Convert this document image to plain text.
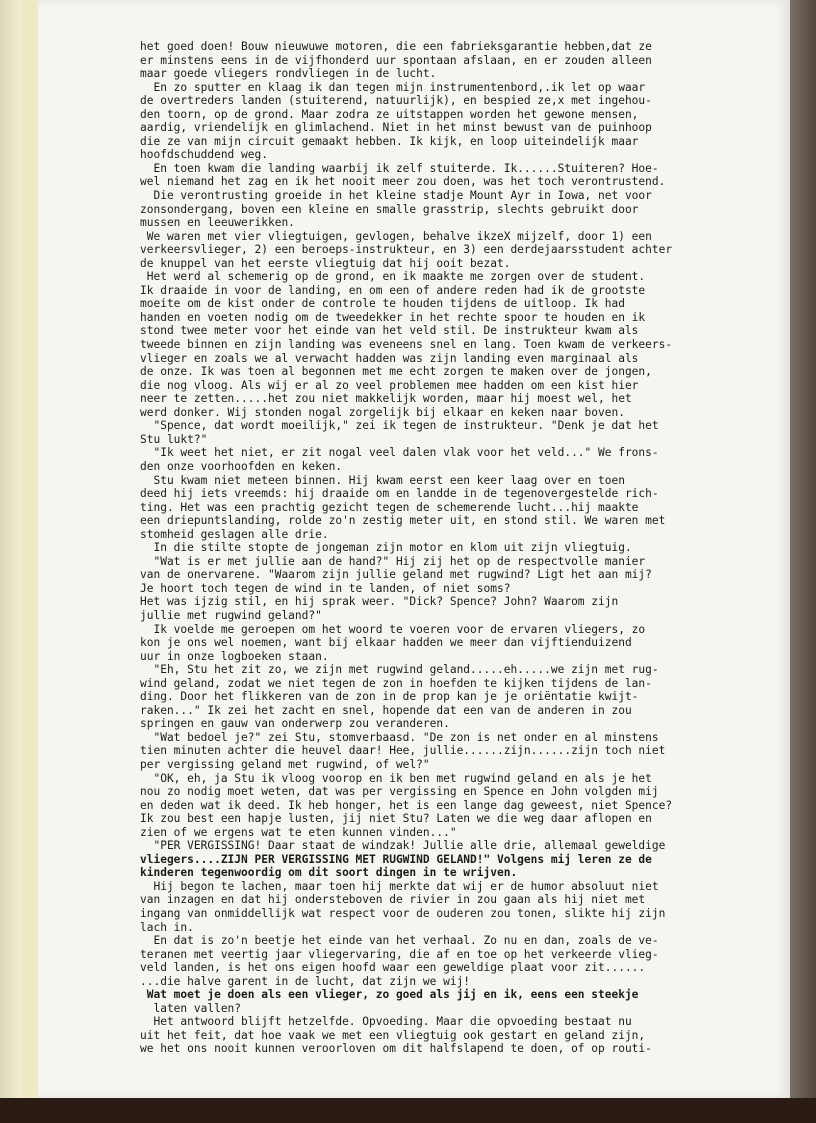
het goed doen! Bouw nieuwuwe motoren, die een fabrieksgarantie hebben,dat ze
er minstens eens in de vijfhonderd uur spontaan afslaan, en er zouden alleen
maar goede vliegers rondvliegen in de lucht.
En zo sputter en klaag ik dan tegen mijn instrumentenbord,.ik let op waar
de overtreders landen (stuiterend, natuurlijk), en bespied ze,x met ingehou-
den toorn, op de grond. Maar zodra ze uitstappen worden het gewone mensen,
aardig, vriendelijk en glimlachend. Niet in het minst bewust van de puinhoop
die ze van mijn circuit gemaakt hebben. Ik kijk, en loop uiteindelijk maar
hoofdschuddend weg.
En toen kwam die landing waarbij ik zelf stuiterde. Ik......Stuiteren? Hoe-
wel niemand het zag en ik het nooit meer zou doen, was het toch verontrustend.
Die verontrusting groeide in het kleine stadje Mount Ayr in Iowa, net voor
zonsondergang, boven een kleine en smalle grasstrip, slechts gebruikt door
mussen en leeuwerikken.
We waren met vier vliegtuigen, gevlogen, behalve ikzeX mijzelf, door 1) een
verkeersvlieger, 2) een beroeps-instrukteur, en 3) een derdejaarsstudent achter
de knuppel van het eerste vliegtuig dat hij ooit bezat.
Het werd al schemerig op de grond, en ik maakte me zorgen over de student.
Ik draaide in voor de landing, en om een of andere reden had ik de grootste
moeite om de kist onder de controle te houden tijdens de uitloop. Ik had
handen en voeten nodig om de tweedekker in het rechte spoor te houden en ik
stond twee meter voor het einde van het veld stil. De instrukteur kwam als
tweede binnen en zijn landing was eveneens snel en lang. Toen kwam de verkeers-
vlieger en zoals we al verwacht hadden was zijn landing even marginaal als
de onze. Ik was toen al begonnen met me echt zorgen te maken over de jongen,
die nog vloog. Als wij er al zo veel problemen mee hadden om een kist hier
neer te zetten.....het zou niet makkelijk worden, maar hij moest wel, het
werd donker. Wij stonden nogal zorgelijk bij elkaar en keken naar boven.
"Spence, dat wordt moeilijk," zei ik tegen de instrukteur. "Denk je dat het
Stu lukt?"
"Ik weet het niet, er zit nogal veel dalen vlak voor het veld..." We frons-
den onze voorhoofden en keken.
Stu kwam niet meteen binnen. Hij kwam eerst een keer laag over en toen
deed hij iets vreemds: hij draaide om en landde in de tegenovergestelde rich-
ting. Het was een prachtig gezicht tegen de schemerende lucht...hij maakte
een driepuntslanding, rolde zo'n zestig meter uit, en stond stil. We waren met
stomheid geslagen alle drie.
In die stilte stopte de jongeman zijn motor en klom uit zijn vliegtuig.
"Wat is er met jullie aan de hand?" Hij zij het op de respectvolle manier
van de onervarene. "Waarom zijn jullie geland met rugwind? Ligt het aan mij?
Je hoort toch tegen de wind in te landen, of niet soms?
Het was ijzig stil, en hij sprak weer. "Dick? Spence? John? Waarom zijn
jullie met rugwind geland?"
Ik voelde me geroepen om het woord te voeren voor de ervaren vliegers, zo
kon je ons wel noemen, want bij elkaar hadden we meer dan vijftienduizend
uur in onze logboeken staan.
"Eh, Stu het zit zo, we zijn met rugwind geland.....eh.....we zijn met rug-
wind geland, zodat we niet tegen de zon in hoefden te kijken tijdens de lan-
ding. Door het flikkeren van de zon in de prop kan je je oriëntatie kwijt-
raken..." Ik zei het zacht en snel, hopende dat een van de anderen in zou
springen en gauw van onderwerp zou veranderen.
"Wat bedoel je?" zei Stu, stomverbaasd. "De zon is net onder en al minstens
tien minuten achter die heuvel daar! Hee, jullie......zijn......zijn toch niet
per vergissing geland met rugwind, of wel?"
"OK, eh, ja Stu ik vloog voorop en ik ben met rugwind geland en als je het
nou zo nodig moet weten, dat was per vergissing en Spence en John volgden mij
en deden wat ik deed. Ik heb honger, het is een lange dag geweest, niet Spence?
Ik zou best een hapje lusten, jij niet Stu? Laten we die weg daar aflopen en
zien of we ergens wat te eten kunnen vinden..."
"PER VERGISSING! Daar staat de windzak! Jullie alle drie, allemaal geweldige
vliegers....ZIJN PER VERGISSING MET RUGWIND GELAND!" Volgens mij leren ze de
kinderen tegenwoordig om dit soort dingen in te wrijven.
Hij begon te lachen, maar toen hij merkte dat wij er de humor absoluut niet
van inzagen en dat hij ondersteboven de rivier in zou gaan als hij niet met
ingang van onmiddellijk wat respect voor de ouderen zou tonen, slikte hij zijn
lach in.
En dat is zo'n beetje het einde van het verhaal. Zo nu en dan, zoals de ve-
teranen met veertig jaar vliegervaring, die af en toe op het verkeerde vlieg-
veld landen, is het ons eigen hoofd waar een geweldige plaat voor zit......
...die halve garent in de lucht, dat zijn we wij!
Wat moet je doen als een vlieger, zo goed als jij en ik, eens een steekje
laten vallen?
Het antwoord blijft hetzelfde. Opvoeding. Maar die opvoeding bestaat nu
uit het feit, dat hoe vaak we met een vliegtuig ook gestart en geland zijn,
we het ons nooit kunnen veroorloven om dit halfslapend te doen, of op routi-
